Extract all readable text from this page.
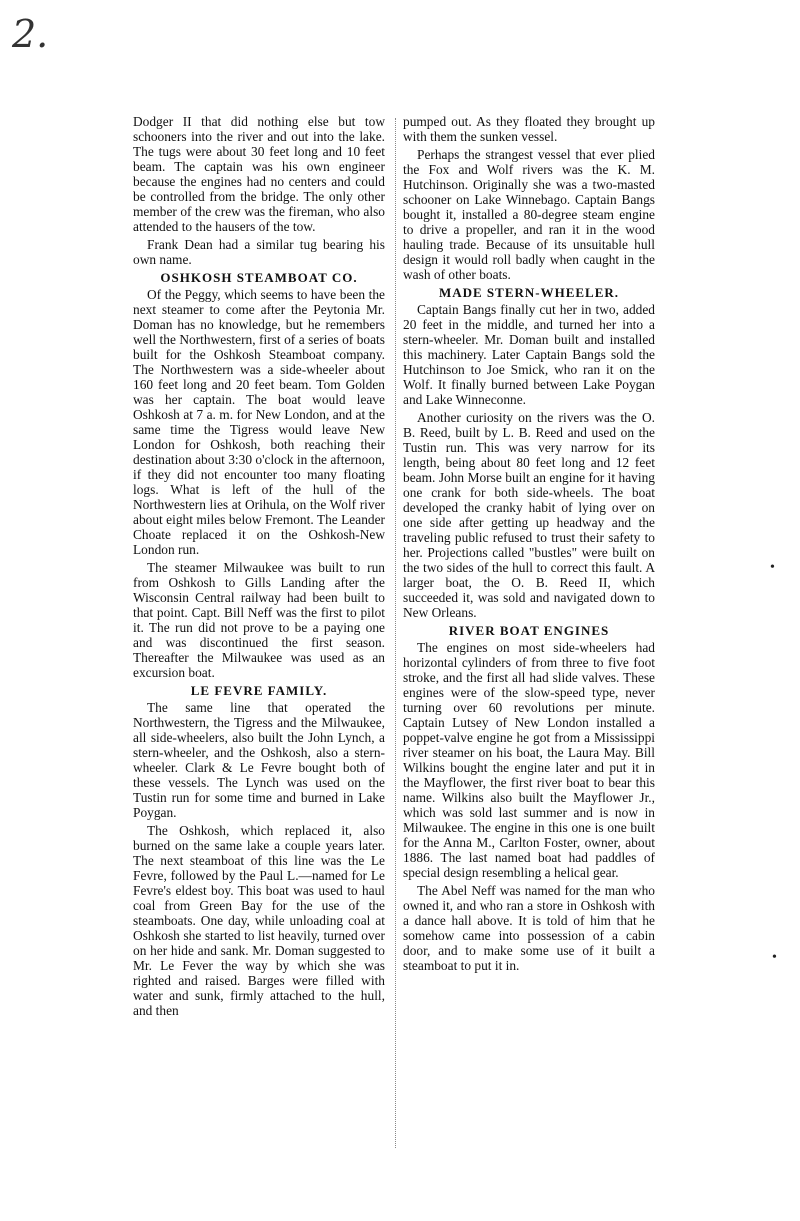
2.

Dodger II that did nothing else but tow schooners into the river and out into the lake. The tugs were about 30 feet long and 10 feet beam. The captain was his own engineer because the engines had no centers and could be controlled from the bridge. The only other member of the crew was the fireman, who also attended to the hausers of the tow.

Frank Dean had a similar tug bearing his own name.

OSHKOSH STEAMBOAT CO.

Of the Peggy, which seems to have been the next steamer to come after the Peytonia Mr. Doman has no knowledge, but he remembers well the Northwestern, first of a series of boats built for the Oshkosh Steamboat company. The Northwestern was a side-wheeler about 160 feet long and 20 feet beam. Tom Golden was her captain. The boat would leave Oshkosh at 7 a. m. for New London, and at the same time the Tigress would leave New London for Oshkosh, both reaching their destination about 3:30 o'clock in the afternoon, if they did not encounter too many floating logs. What is left of the hull of the Northwestern lies at Orihula, on the Wolf river about eight miles below Fremont. The Leander Choate replaced it on the Oshkosh-New London run.

The steamer Milwaukee was built to run from Oshkosh to Gills Landing after the Wisconsin Central railway had been built to that point. Capt. Bill Neff was the first to pilot it. The run did not prove to be a paying one and was discontinued the first season. Thereafter the Milwaukee was used as an excursion boat.

LE FEVRE FAMILY.

The same line that operated the Northwestern, the Tigress and the Milwaukee, all side-wheelers, also built the John Lynch, a stern-wheeler, and the Oshkosh, also a stern-wheeler. Clark & Le Fevre bought both of these vessels. The Lynch was used on the Tustin run for some time and burned in Lake Poygan.

The Oshkosh, which replaced it, also burned on the same lake a couple years later. The next steamboat of this line was the Le Fevre, followed by the Paul L.—named for Le Fevre's eldest boy. This boat was used to haul coal from Green Bay for the use of the steamboats. One day, while unloading coal at Oshkosh she started to list heavily, turned over on her hide and sank. Mr. Doman suggested to Mr. Le Fever the way by which she was righted and raised. Barges were filled with water and sunk, firmly attached to the hull, and then

pumped out. As they floated they brought up with them the sunken vessel.

Perhaps the strangest vessel that ever plied the Fox and Wolf rivers was the K. M. Hutchinson. Originally she was a two-masted schooner on Lake Winnebago. Captain Bangs bought it, installed a 80-degree steam engine to drive a propeller, and ran it in the wood hauling trade. Because of its unsuitable hull design it would roll badly when caught in the wash of other boats.

MADE STERN-WHEELER.

Captain Bangs finally cut her in two, added 20 feet in the middle, and turned her into a stern-wheeler. Mr. Doman built and installed this machinery. Later Captain Bangs sold the Hutchinson to Joe Smick, who ran it on the Wolf. It finally burned between Lake Poygan and Lake Winneconne.

Another curiosity on the rivers was the O. B. Reed, built by L. B. Reed and used on the Tustin run. This was very narrow for its length, being about 80 feet long and 12 feet beam. John Morse built an engine for it having one crank for both side-wheels. The boat developed the cranky habit of lying over on one side after getting up headway and the traveling public refused to trust their safety to her. Projections called "bustles" were built on the two sides of the hull to correct this fault. A larger boat, the O. B. Reed II, which succeeded it, was sold and navigated down to New Orleans.

RIVER BOAT ENGINES

The engines on most side-wheelers had horizontal cylinders of from three to five foot stroke, and the first all had slide valves. These engines were of the slow-speed type, never turning over 60 revolutions per minute. Captain Lutsey of New London installed a poppet-valve engine he got from a Mississippi river steamer on his boat, the Laura May. Bill Wilkins bought the engine later and put it in the Mayflower, the first river boat to bear this name. Wilkins also built the Mayflower Jr., which was sold last summer and is now in Milwaukee. The engine in this one is one built for the Anna M., Carlton Foster, owner, about 1886. The last named boat had paddles of special design resembling a helical gear.

The Abel Neff was named for the man who owned it, and who ran a store in Oshkosh with a dance hall above. It is told of him that he somehow came into possession of a cabin door, and to make some use of it built a steamboat to put it in.

•
•
